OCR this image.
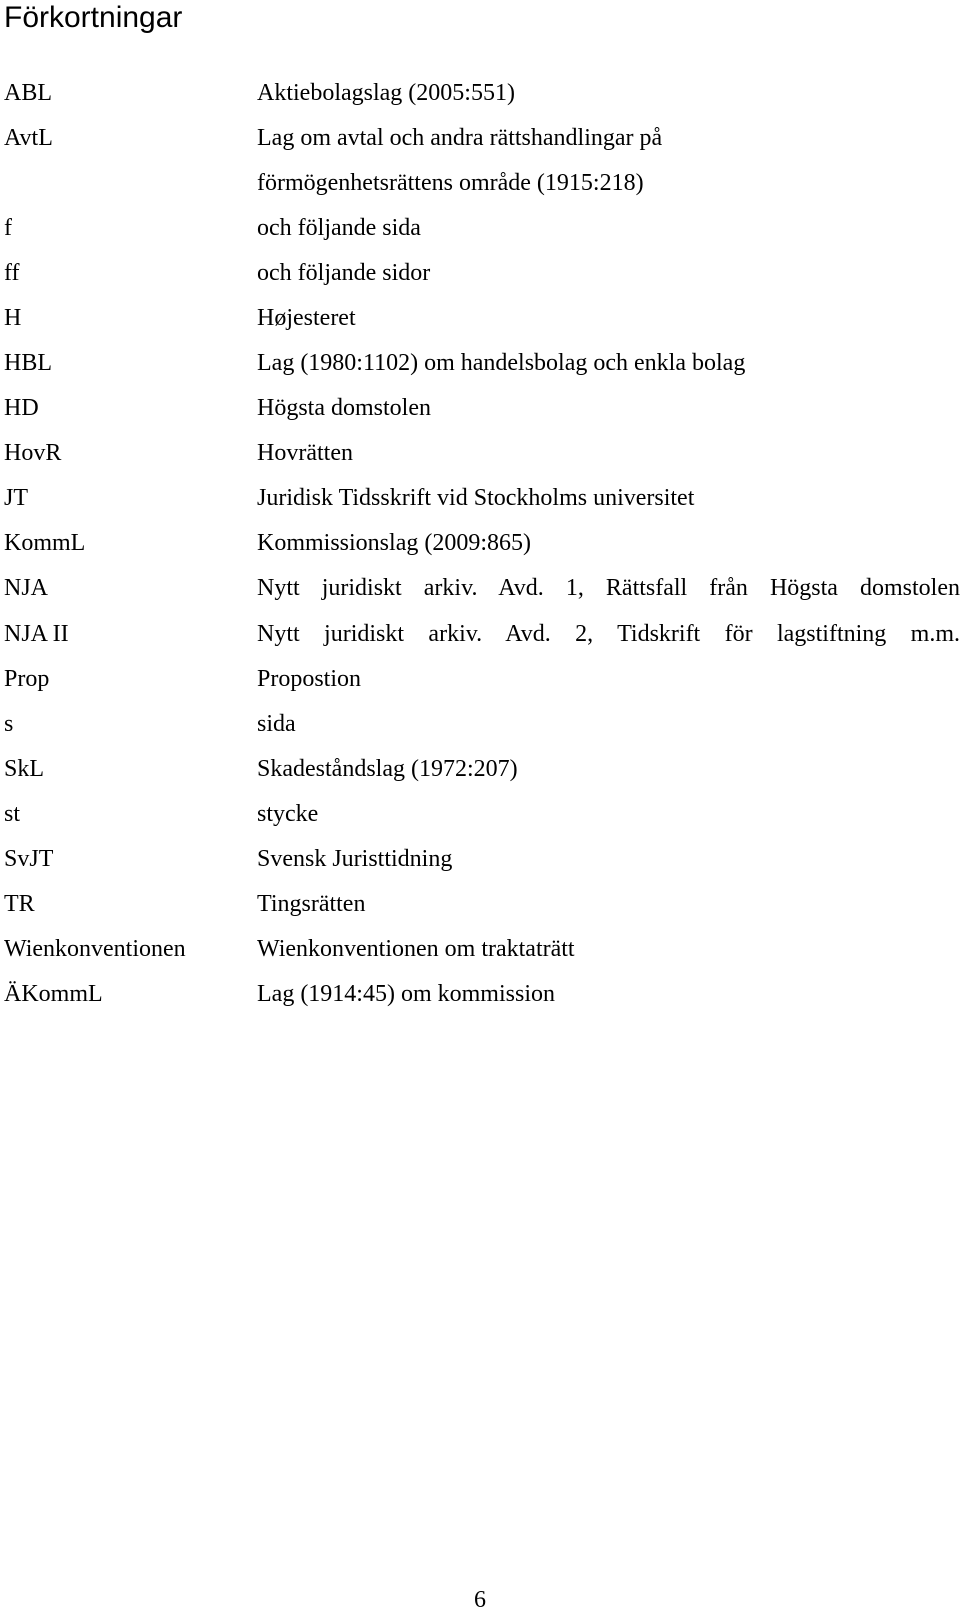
Förkortningar
ABL	Aktiebolagslag (2005:551)
AvtL	Lag om avtal och andra rättshandlingar på
förmögenhetsrättens område (1915:218)
f	och följande sida
ff	och följande sidor
H	Højesteret
HBL	Lag (1980:1102) om handelsbolag och enkla bolag
HD	Högsta domstolen
HovR	Hovrätten
JT	Juridisk Tidsskrift vid Stockholms universitet
KommL	Kommissionslag (2009:865)
NJA	Nytt juridiskt arkiv. Avd. 1, Rättsfall från Högsta domstolen
NJA II	Nytt juridiskt arkiv. Avd. 2, Tidskrift för lagstiftning m.m.
Prop	Propostion
s	sida
SkL	Skadeståndslag (1972:207)
st	stycke
SvJT	Svensk Juristtidning
TR	Tingsrätten
Wienkonventionen	Wienkonventionen om traktaträtt
ÄKommL	Lag (1914:45) om kommission
6
